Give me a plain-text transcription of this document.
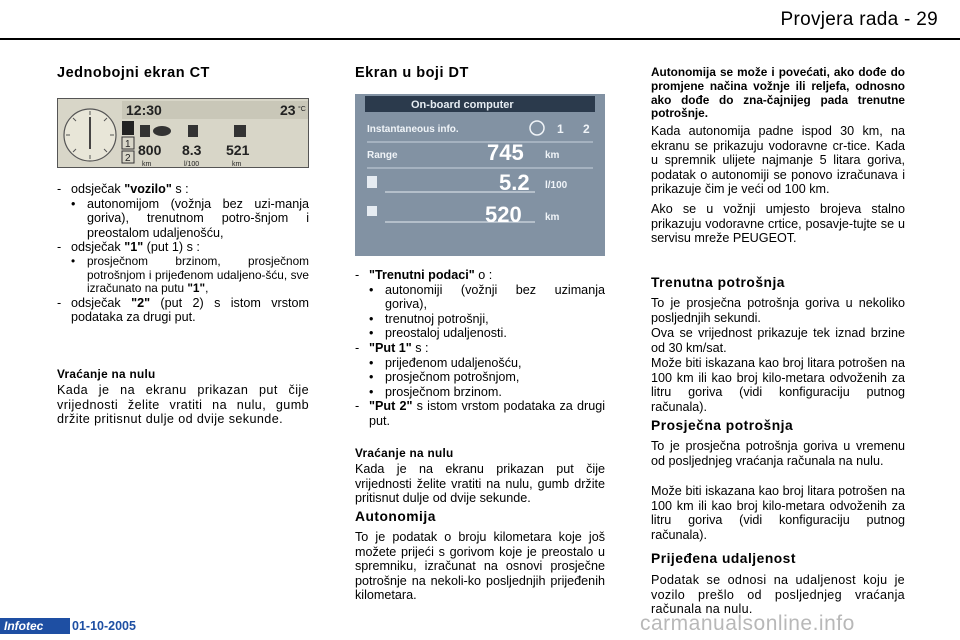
Provjera rada - 29
Jednobojni ekran CT
12:30	23 °C
1
2
800 8.3 521
km	l/100	km
- odsječak "vozilo" s :
• autonomijom (vožnja bez uzi-manja goriva), trenutnom potro-šnjom i preostalom udaljenošću,
- odsječak "1" (put 1) s :
• prosječnom brzinom, prosječnom potrošnjom i prijeđenom udaljeno-šću, sve izračunato na putu "1",
- odsječak "2" (put 2) s istom vrstom podataka za drugi put.
Vraćanje na nulu
Kada je na ekranu prikazan put čije vrijednosti želite vratiti na nulu, gumb držite pritisnut dulje od dvije sekunde.
Ekran u boji DT
On-board computer
Instantaneous info.	1 2
Range	745 km
5.2 l/100
520 km
- "Trenutni podaci" o :
• autonomiji (vožnji bez uzimanja goriva),
• trenutnoj potrošnji,
• preostaloj udaljenosti.
- "Put 1" s :
• prijeđenom udaljenošću,
• prosječnom potrošnjom,
• prosječnom brzinom.
- "Put 2" s istom vrstom podataka za drugi put.
Vraćanje na nulu
Kada je na ekranu prikazan put čije vrijednosti želite vratiti na nulu, gumb držite pritisnut dulje od dvije sekunde.
Autonomija
To je podatak o broju kilometara koje još možete prijeći s gorivom koje je preostalo u spremniku, izračunat na osnovi prosječne potrošnje na nekoli-ko posljednjih prijeđenih kilometara.
Autonomija se može i povećati, ako dođe do promjene načina vožnje ili reljefa, odnosno ako dođe do zna-čajnijeg pada trenutne potrošnje.
Kada autonomija padne ispod 30 km, na ekranu se prikazuju vodoravne cr-tice. Kada u spremnik ulijete najmanje 5 litara goriva, podatak o autonomiji se ponovo izračunava i prikazuje čim je veći od 100 km.
Ako se u vožnji umjesto brojeva stalno prikazuju vodoravne crtice, posavje-tujte se u servisu mreže PEUGEOT.
Trenutna potrošnja
To je prosječna potrošnja goriva u nekoliko posljednjih sekundi.
Ova se vrijednost prikazuje tek iznad brzine od 30 km/sat.
Može biti iskazana kao broj litara potrošen na 100 km ili kao broj kilo-metara odvoženih za litru goriva (vidi konfiguraciju putnog računala).
Prosječna potrošnja
To je prosječna potrošnja goriva u vremenu od posljednjeg vraćanja računala na nulu.
Može biti iskazana kao broj litara potrošen na 100 km ili kao broj kilo-metara odvoženih za litru goriva (vidi konfiguraciju putnog računala).
Prijeđena udaljenost
Podatak se odnosi na udaljenost koju je vozilo prešlo od posljednjeg vraćanja računala na nulu.
Infotec	01-10-2005	carmanualsonline.info
